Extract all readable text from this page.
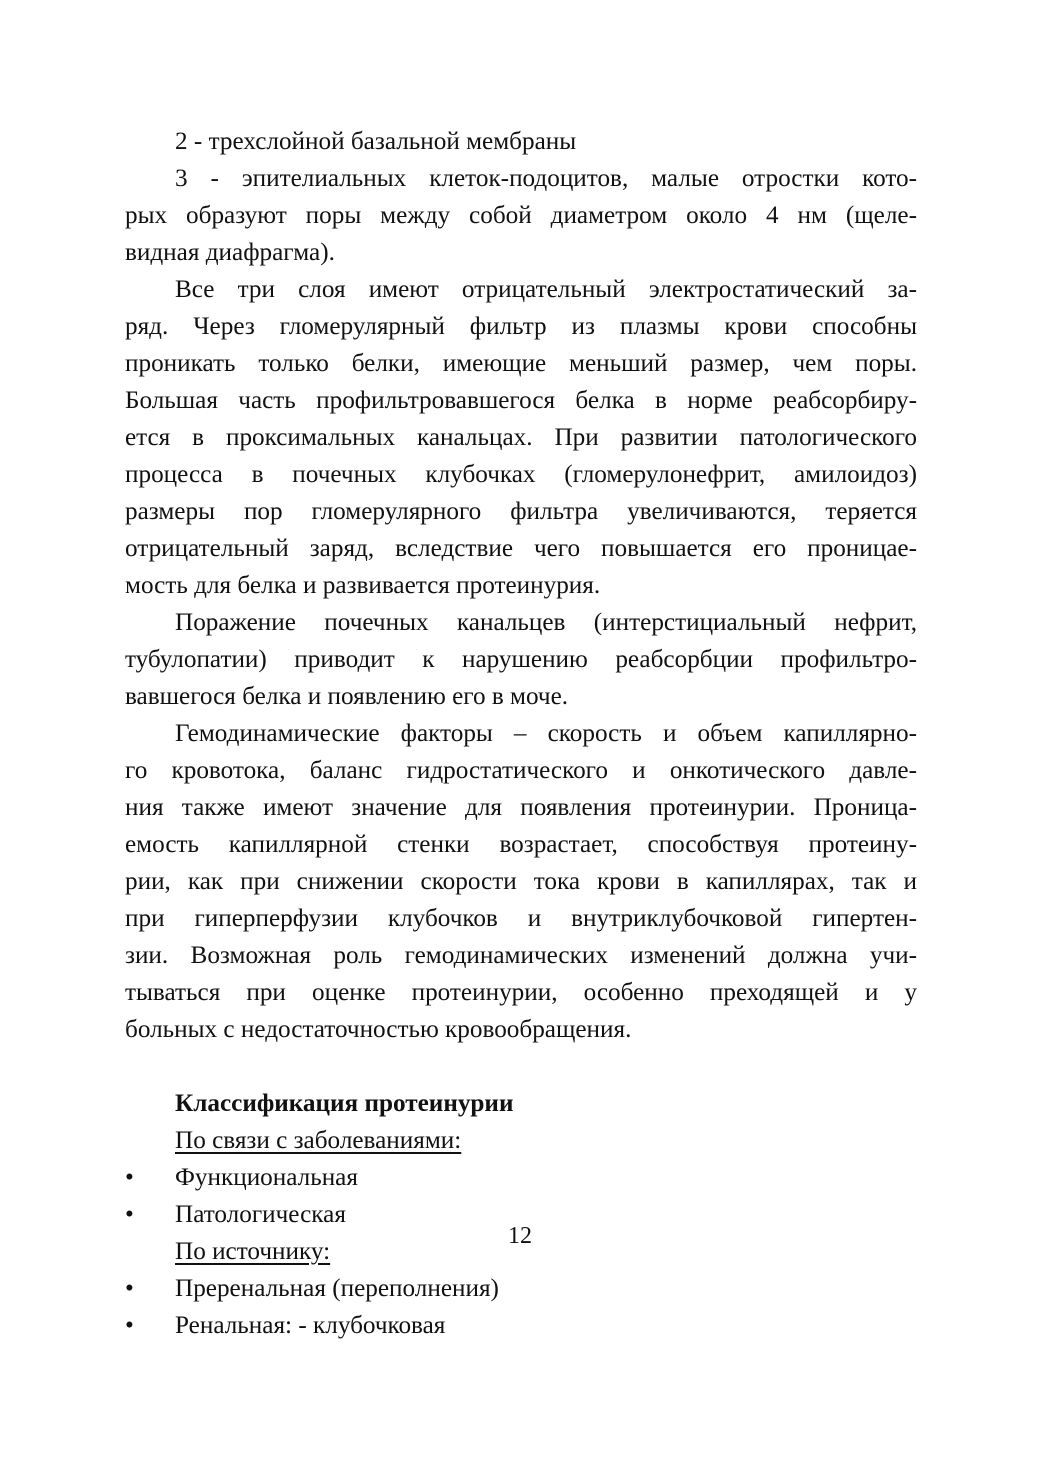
2 - трехслойной базальной мембраны
3 - эпителиальных клеток-подоцитов, малые отростки кото-
рых образуют поры между собой диаметром около 4 нм (щеле-
видная диафрагма).
Все три слоя имеют отрицательный электростатический за-
ряд. Через гломерулярный фильтр из плазмы крови способны
проникать только белки, имеющие меньший размер, чем поры.
Большая часть профильтровавшегося белка в норме реабсорбиру-
ется в проксимальных канальцах. При развитии патологического
процесса в почечных клубочках (гломерулонефрит, амилоидоз)
размеры пор гломерулярного фильтра увеличиваются, теряется
отрицательный заряд, вследствие чего повышается его проницае-
мость для белка и развивается протеинурия.
Поражение почечных канальцев (интерстициальный нефрит,
тубулопатии) приводит к нарушению реабсорбции профильтро-
вавшегося белка и появлению его в моче.
Гемодинамические факторы – скорость и объем капиллярно-
го кровотока, баланс гидростатического и онкотического давле-
ния также имеют значение для появления протеинурии. Проница-
емость капиллярной стенки возрастает, способствуя протеину-
рии, как при снижении скорости тока крови в капиллярах, так и
при гиперперфузии клубочков и внутриклубочковой гипертен-
зии. Возможная роль гемодинамических изменений должна учи-
тываться при оценке протеинурии, особенно преходящей и у
больных с недостаточностью кровообращения.
Классификация протеинурии
По связи с заболеваниями:
• Функциональная
• Патологическая
По источнику:
• Преренальная (переполнения)
• Ренальная: - клубочковая
12
